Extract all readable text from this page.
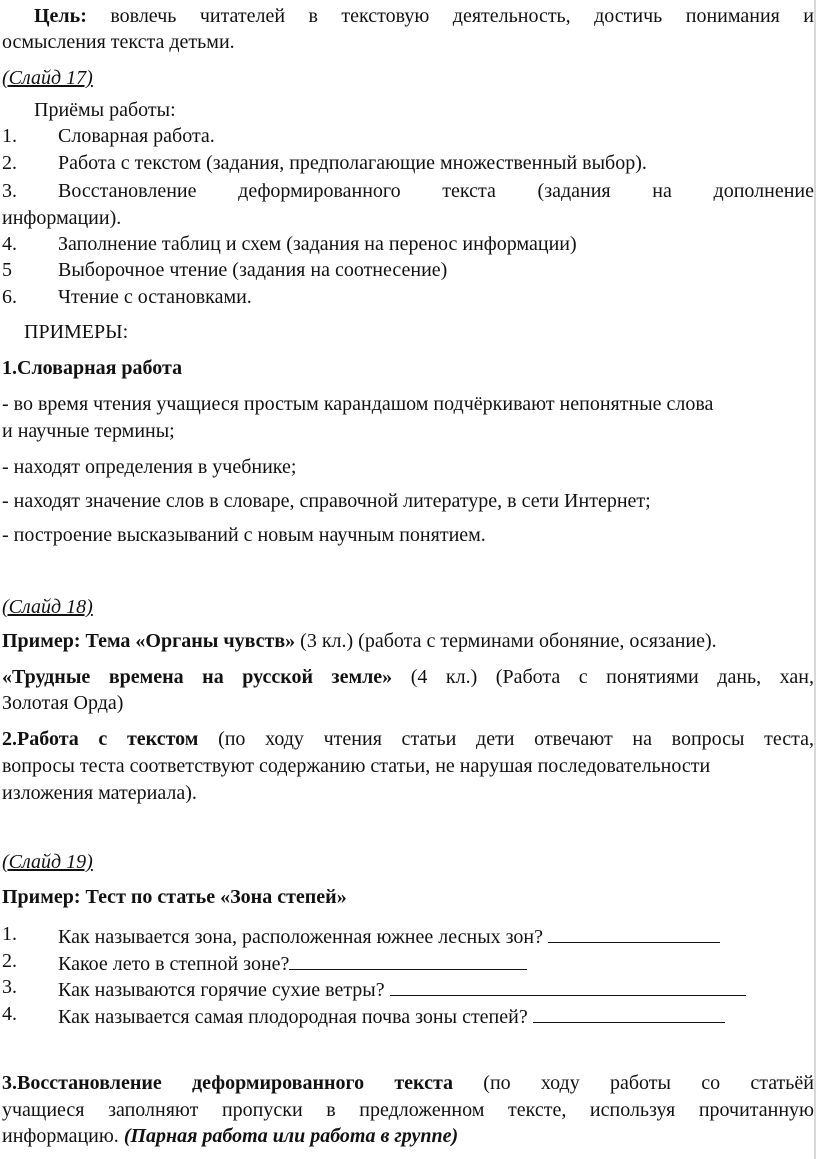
Цель: вовлечь читателей в текстовую деятельность, достичь понимания и
осмысления текста детьми.
(Слайд 17)
Приёмы работы:
1. Словарная работа.
2. Работа с текстом (задания, предполагающие множественный выбор).
3. Восстановление деформированного текста (задания на дополнение
информации).
4. Заполнение таблиц и схем (задания на перенос информации)
5 Выборочное чтение (задания на соотнесение)
6. Чтение с остановками.
ПРИМЕРЫ:
1.Словарная работа
- во время чтения учащиеся простым карандашом подчёркивают непонятные слова
и научные термины;
- находят определения в учебнике;
- находят значение слов в словаре, справочной литературе, в сети Интернет;
- построение высказываний с новым научным понятием.
(Слайд 18)
Пример: Тема «Органы чувств» (3 кл.) (работа с терминами обоняние, осязание).
«Трудные времена на русской земле» (4 кл.) (Работа с понятиями дань, хан,
Золотая Орда)
2.Работа с текстом (по ходу чтения статьи дети отвечают на вопросы теста,
вопросы теста соответствуют содержанию статьи, не нарушая последовательности
изложения материала).
(Слайд 19)
Пример: Тест по статье «Зона степей»
1. Как называется зона, расположенная южнее лесных зон?
2. Какое лето в степной зоне?
3. Как называются горячие сухие ветры?
4. Как называется самая плодородная почва зоны степей?
3.Восстановление деформированного текста (по ходу работы со статьёй
учащиеся заполняют пропуски в предложенном тексте, используя прочитанную
информацию. (Парная работа или работа в группе)
